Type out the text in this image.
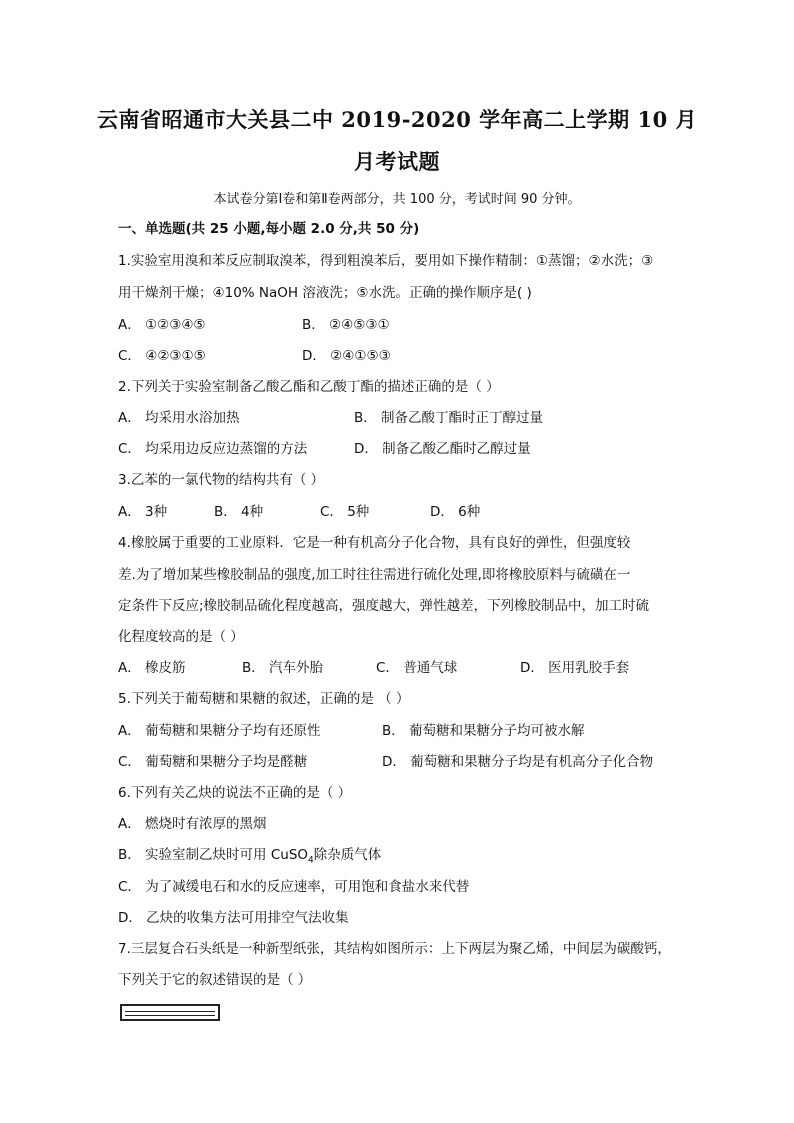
云南省昭通市大关县二中 2019-2020 学年高二上学期 10 月
月考试题
本试卷分第Ⅰ卷和第Ⅱ卷两部分，共 100 分，考试时间 90 分钟。
一、单选题(共 25 小题,每小题 2.0 分,共 50 分)
1.实验室用溴和苯反应制取溴苯，得到粗溴苯后，要用如下操作精制：①蒸馏；②水洗；③
用干燥剂干燥；④10% NaOH 溶液洗；⑤水洗。正确的操作顺序是( )
A． ①②③④⑤	B． ②④⑤③①
C． ④②③①⑤	D． ②④①⑤③
2.下列关于实验室制备乙酸乙酯和乙酸丁酯的描述正确的是（ ）
A． 均采用水浴加热	B． 制备乙酸丁酯时正丁醇过量
C． 均采用边反应边蒸馏的方法	D． 制备乙酸乙酯时乙醇过量
3.乙苯的一氯代物的结构共有（ ）
A． 3种	B． 4种	C． 5种	D． 6种
4.橡胶属于重要的工业原料．它是一种有机高分子化合物，具有良好的弹性，但强度较
差.为了增加某些橡胶制品的强度,加工时往往需进行硫化处理,即将橡胶原料与硫磺在一
定条件下反应;橡胶制品硫化程度越高，强度越大，弹性越差，下列橡胶制品中，加工时硫
化程度较高的是（ ）
A． 橡皮筋	B． 汽车外胎	C． 普通气球	D． 医用乳胶手套
5.下列关于葡萄糖和果糖的叙述，正确的是 （ ）
A． 葡萄糖和果糖分子均有还原性	B． 葡萄糖和果糖分子均可被水解
C． 葡萄糖和果糖分子均是醛糖	D． 葡萄糖和果糖分子均是有机高分子化合物
6.下列有关乙炔的说法不正确的是（ ）
A． 燃烧时有浓厚的黑烟
B． 实验室制乙炔时可用 CuSO$_4$除杂质气体
C． 为了减缓电石和水的反应速率，可用饱和食盐水来代替
D． 乙炔的收集方法可用排空气法收集
7.三层复合石头纸是一种新型纸张，其结构如图所示：上下两层为聚乙烯，中间层为碳酸钙，
下列关于它的叙述错误的是（ ）
